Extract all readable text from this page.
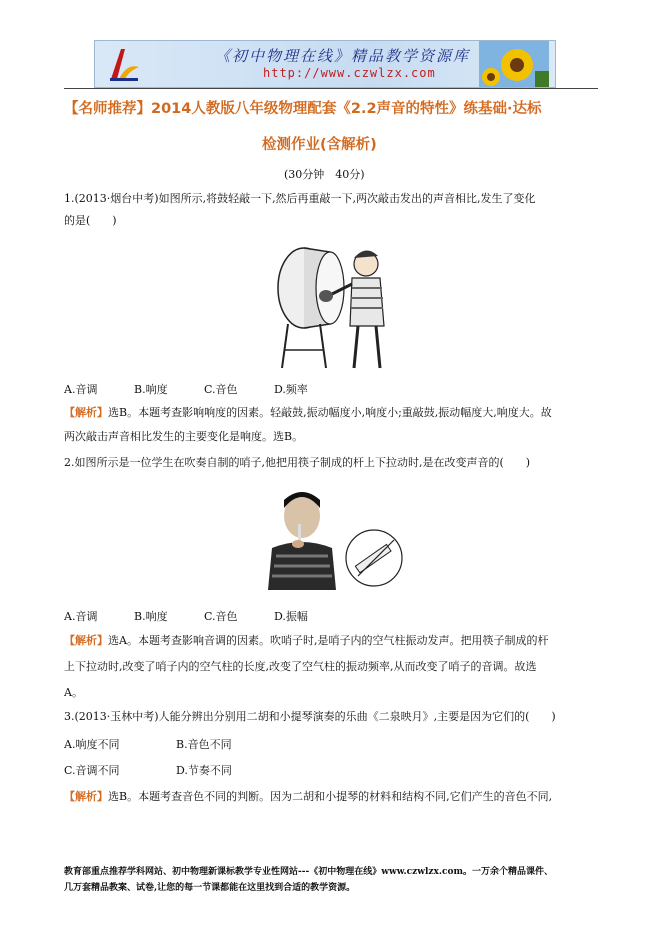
《初中物理在线》精品教学资源库
http://www.czwlzx.com
【名师推荐】2014人教版八年级物理配套《2.2声音的特性》练基础·达标
检测作业(含解析)
(30分钟　40分)
1.(2013·烟台中考)如图所示,将鼓轻敲一下,然后再重敲一下,两次敲击发出的声音相比,发生了变化
的是(　　)
A.音调	B.响度	C.音色	D.频率
【解析】选B。本题考查影响响度的因素。轻敲鼓,振动幅度小,响度小;重敲鼓,振动幅度大,响度大。故
两次敲击声音相比发生的主要变化是响度。选B。
2.如图所示是一位学生在吹奏自制的哨子,他把用筷子制成的杆上下拉动时,是在改变声音的(　　)
A.音调	B.响度	C.音色	D.振幅
【解析】选A。本题考查影响音调的因素。吹哨子时,是哨子内的空气柱振动发声。把用筷子制成的杆
上下拉动时,改变了哨子内的空气柱的长度,改变了空气柱的振动频率,从而改变了哨子的音调。故选
A。
3.(2013·玉林中考)人能分辨出分别用二胡和小提琴演奏的乐曲《二泉映月》,主要是因为它们的(　　)
A.响度不同	B.音色不同
C.音调不同	D.节奏不同
【解析】选B。本题考查音色不同的判断。因为二胡和小提琴的材料和结构不同,它们产生的音色不同,
教育部重点推荐学科网站、初中物理新课标教学专业性网站---《初中物理在线》www.czwlzx.com。一万余个精品课件、
几万套精品教案、试卷,让您的每一节课都能在这里找到合适的教学资源。
